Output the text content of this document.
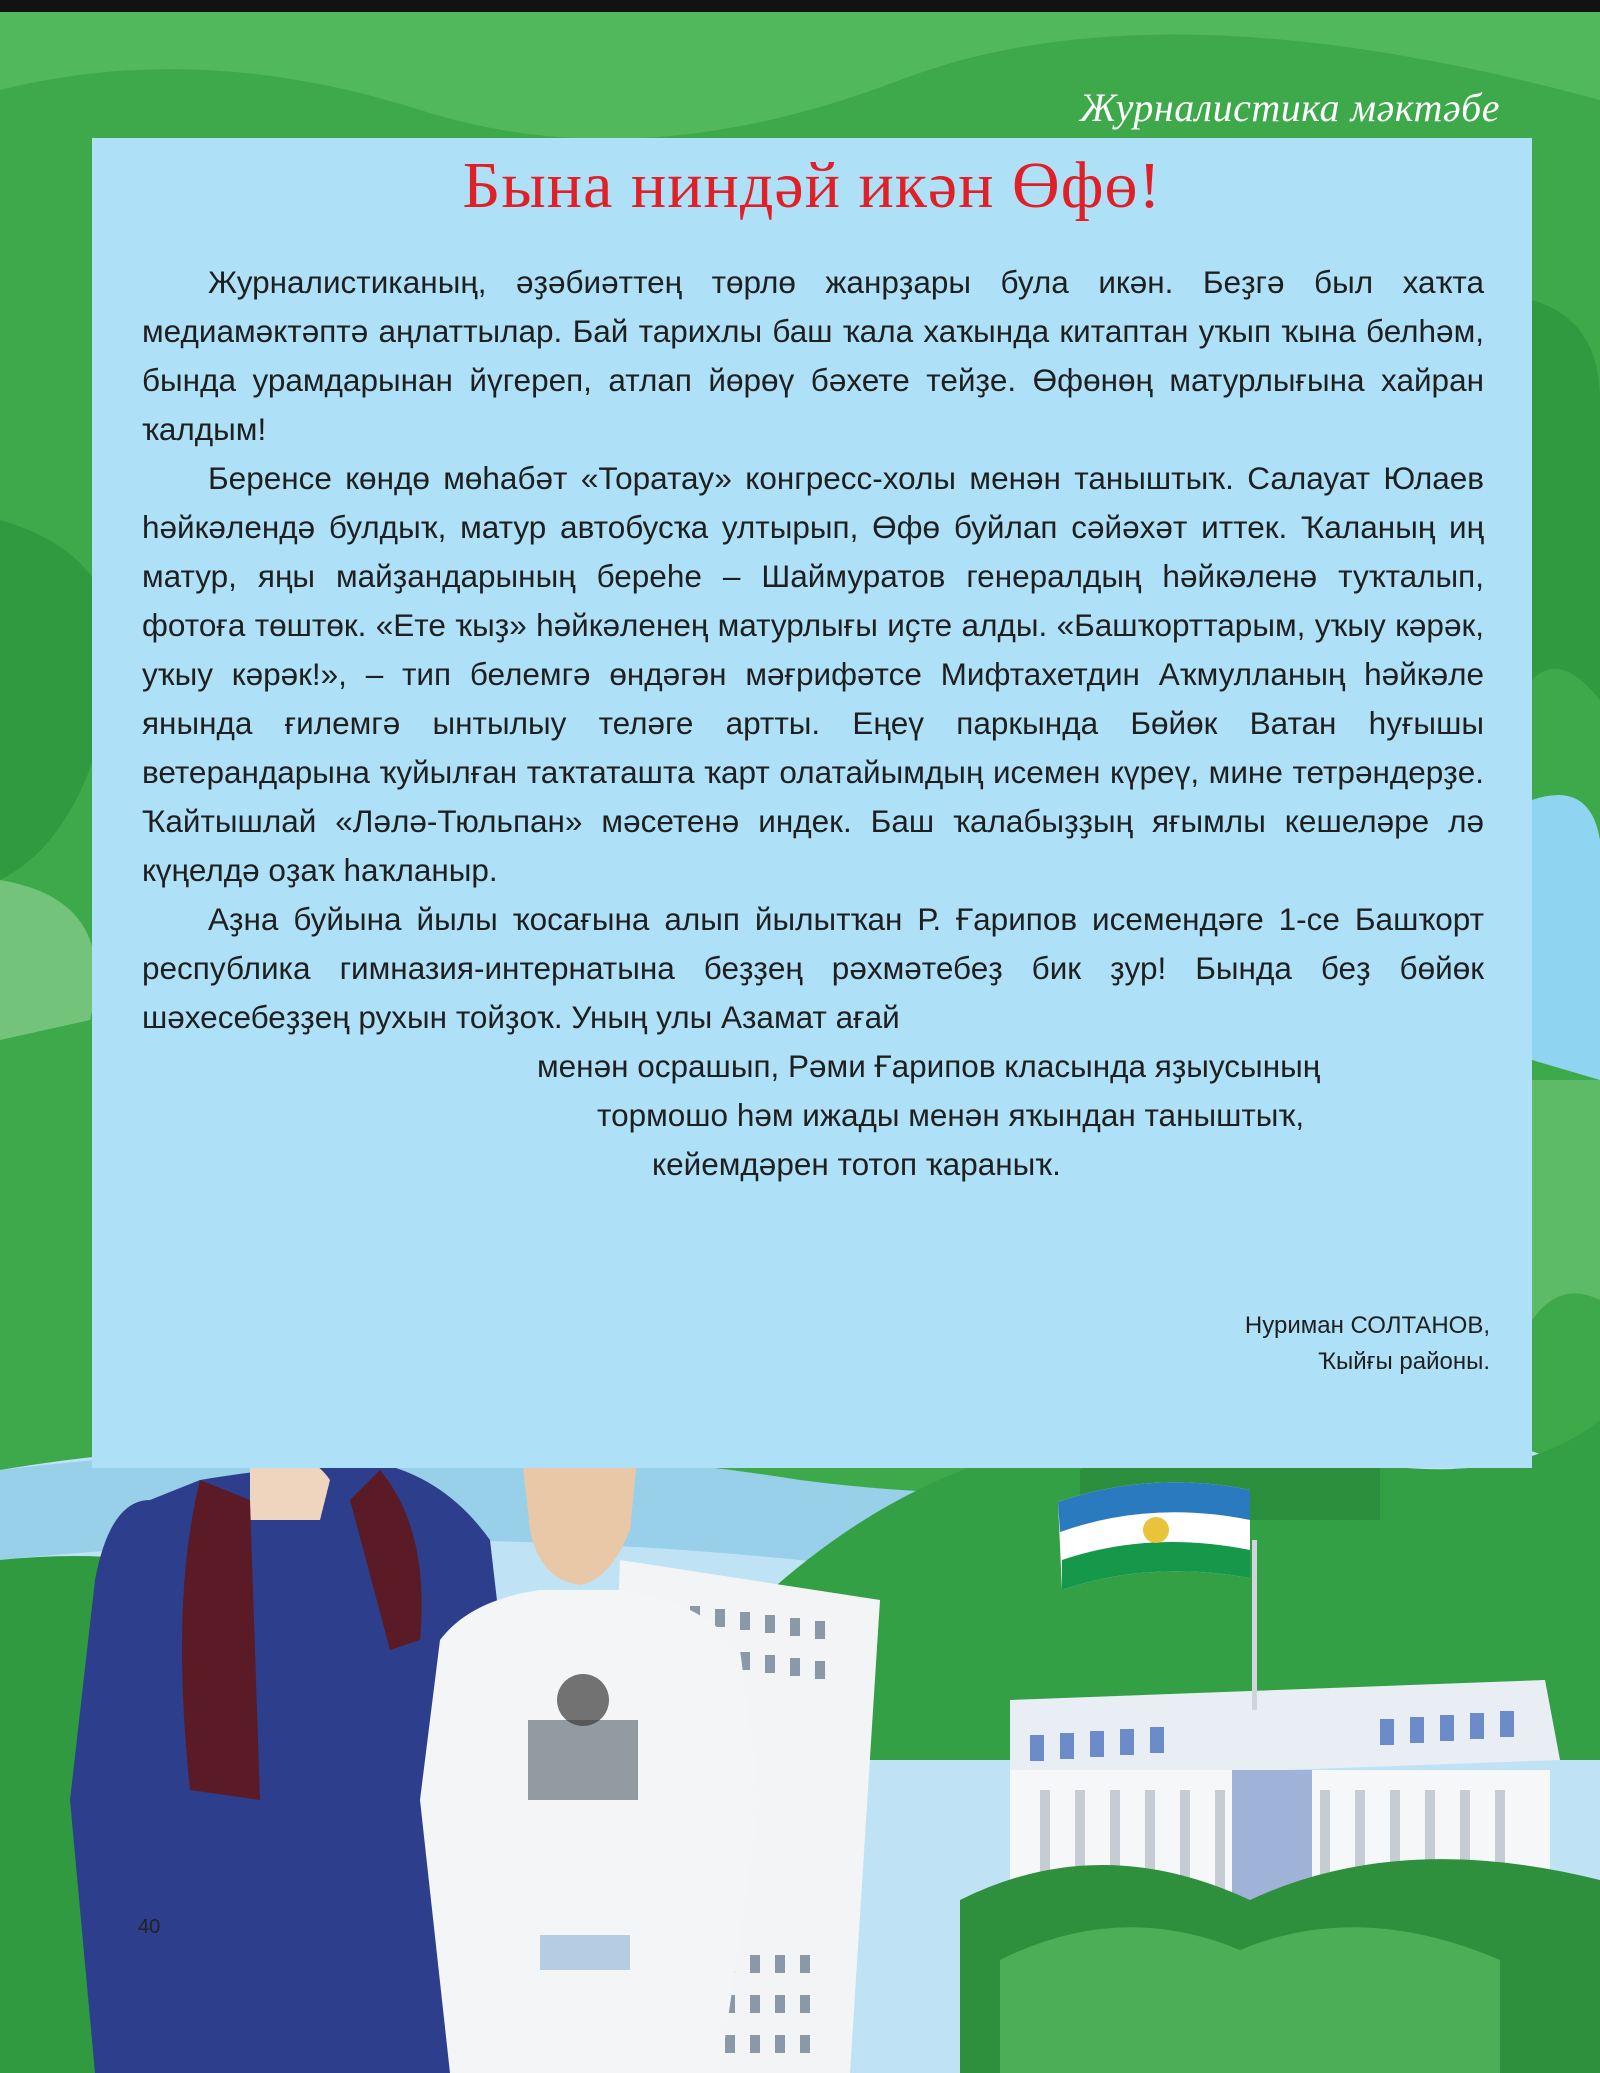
Журналистика мәктәбе
Бына ниндәй икән Өфө!

Журналистиканың, әҙәбиәттең төрлө жанрҙары була икән. Беҙгә был хаҡта медиамәктәптә аңлаттылар. Бай тарихлы баш ҡала хаҡында китаптан уҡып ҡына белһәм, бында урамдарынан йүгереп, атлап йөрөү бәхете тейҙе. Өфөнөң матурлығына хайран ҡалдым!

Беренсе көндө мөһабәт «Торатау» конгресс-холы менән таныштыҡ. Салауат Юлаев һәйкәлендә булдыҡ, матур автобусҡа ултырып, Өфө буйлап сәйәхәт иттек. Ҡаланың иң матур, яңы майҙандарының береһе – Шаймуратов генералдың һәйкәленә туҡталып, фотоға төштөк. «Ете ҡыҙ» һәйкәленең матурлығы иҫте алды. «Башҡорттарым, уҡыу кәрәк, уҡыу кәрәк!», – тип белемгә өндәгән мәғрифәтсе Мифтахетдин Аҡмулланың һәйкәле янында ғилемгә ынтылыу теләге артты. Еңеү паркында Бөйөк Ватан һуғышы ветерандарына ҡуйылған таҡтаташта ҡарт олатайымдың исемен күреү, мине тетрәндерҙе. Ҡайтышлай «Ләлә-Тюльпан» мәсетенә индек. Баш ҡалабыҙҙың яғымлы кешеләре лә күңелдә оҙаҡ һаҡланыр.

Аҙна буйына йылы ҡосағына алып йылытҡан Р. Ғарипов исемендәге 1-се Башҡорт республика гимназия-интернатына беҙҙең рәхмәтебеҙ бик ҙур! Бында беҙ бөйөк шәхесебеҙҙең рухын тойҙоҡ. Уның улы Азамат ағай

менән осрашып, Рәми Ғарипов класында яҙыусының
тормошо һәм ижады менән яҡындан таныштыҡ,
кейемдәрен тотоп ҡараныҡ.
Нуриман СОЛТАНОВ,
Ҡыйғы районы.
40
